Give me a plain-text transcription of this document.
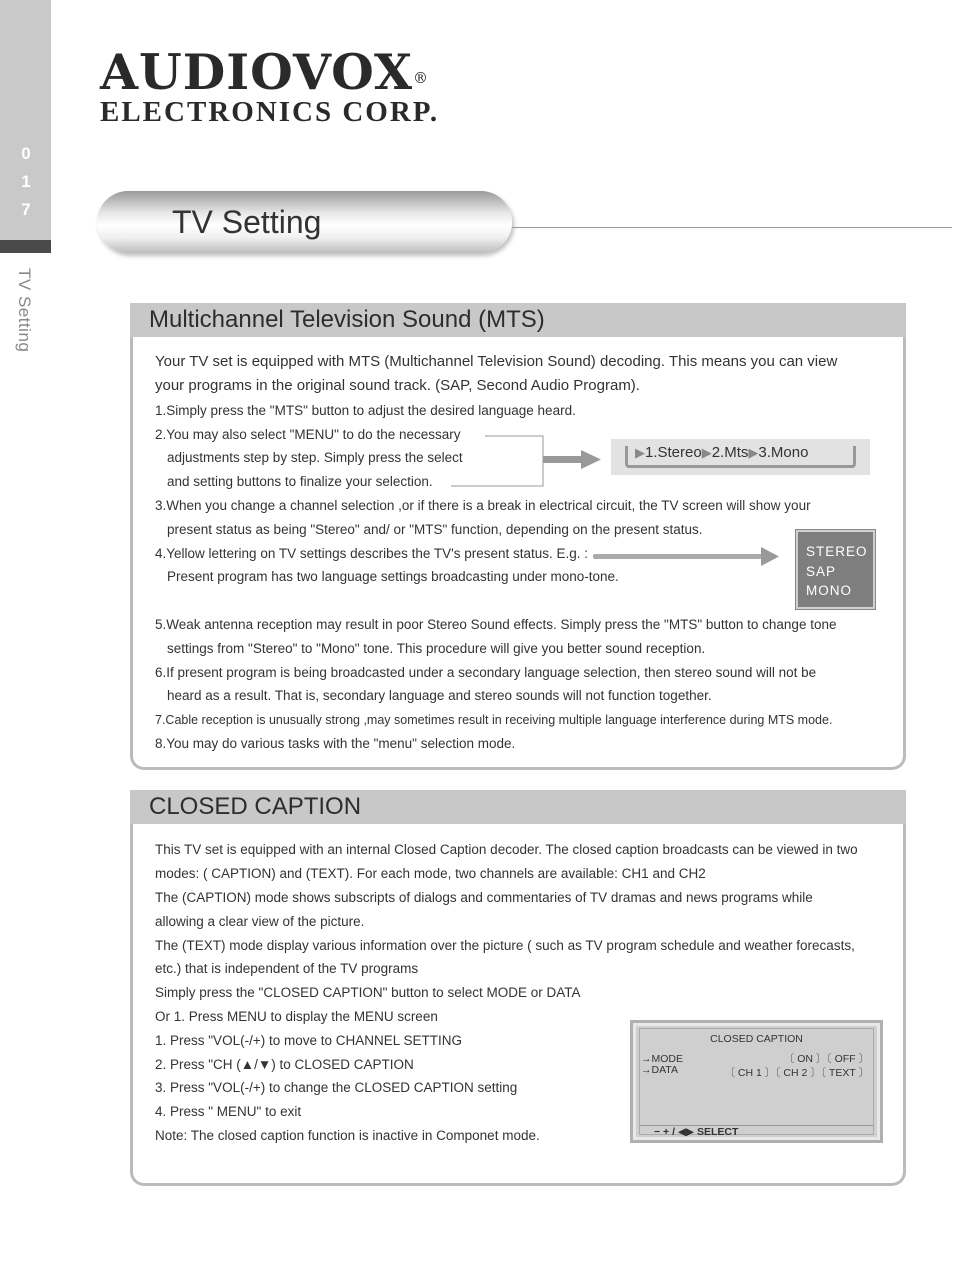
0
1
7
TV Setting
AUDIOVOX®
ELECTRONICS CORP.
TV Setting
Multichannel Television Sound (MTS)
Your TV set is equipped with MTS (Multichannel Television Sound) decoding. This means you can view
your programs in the original sound track. (SAP, Second Audio Program).
1.Simply press the "MTS" button to adjust the desired language heard.
2.You may also select "MENU" to do the necessary
adjustments step by step. Simply press the select
and setting buttons to finalize your selection.
▶1.Stereo▶2.Mts▶3.Mono
3.When you change a channel selection ,or if there is a break in electrical circuit, the TV screen will show your
present status as being "Stereo" and/ or "MTS" function, depending on the present status.
4.Yellow lettering on TV settings describes the TV's present status. E.g. :
Present program has two language settings broadcasting under mono-tone.
STEREO
SAP
MONO
5.Weak antenna reception may result in poor Stereo Sound effects. Simply press the "MTS" button to change tone
settings from "Stereo" to "Mono" tone. This procedure will give you better sound reception.
6.If present program is being broadcasted under a secondary language selection, then stereo sound will not be
heard as a result. That is, secondary language and stereo sounds will not function together.
7.Cable reception is unusually strong ,may sometimes result in receiving multiple language interference during MTS mode.
8.You may do various tasks with the "menu" selection mode.
CLOSED CAPTION
This TV set is equipped with an internal Closed Caption decoder. The closed caption broadcasts can be viewed in two
modes: ( CAPTION) and (TEXT). For each mode, two channels are available: CH1 and CH2
The (CAPTION) mode shows subscripts of dialogs and commentaries of TV dramas and news programs while
allowing a clear view of the picture.
The (TEXT) mode display various information over the picture ( such as TV program schedule and weather forecasts,
etc.) that is independent of the TV programs
Simply press the "CLOSED CAPTION" button to select MODE or DATA
Or 1. Press MENU to display the MENU screen
1. Press "VOL(-/+) to move to CHANNEL SETTING
2. Press "CH (▲/▼) to CLOSED CAPTION
3. Press "VOL(-/+) to change the CLOSED CAPTION setting
4. Press " MENU" to exit
Note: The closed caption function is inactive in Componet mode.
CLOSED CAPTION
→MODE
→DATA
〔 ON 〕〔 OFF 〕
〔 CH 1 〕〔 CH 2 〕〔 TEXT 〕
− + / ◀▶ SELECT
